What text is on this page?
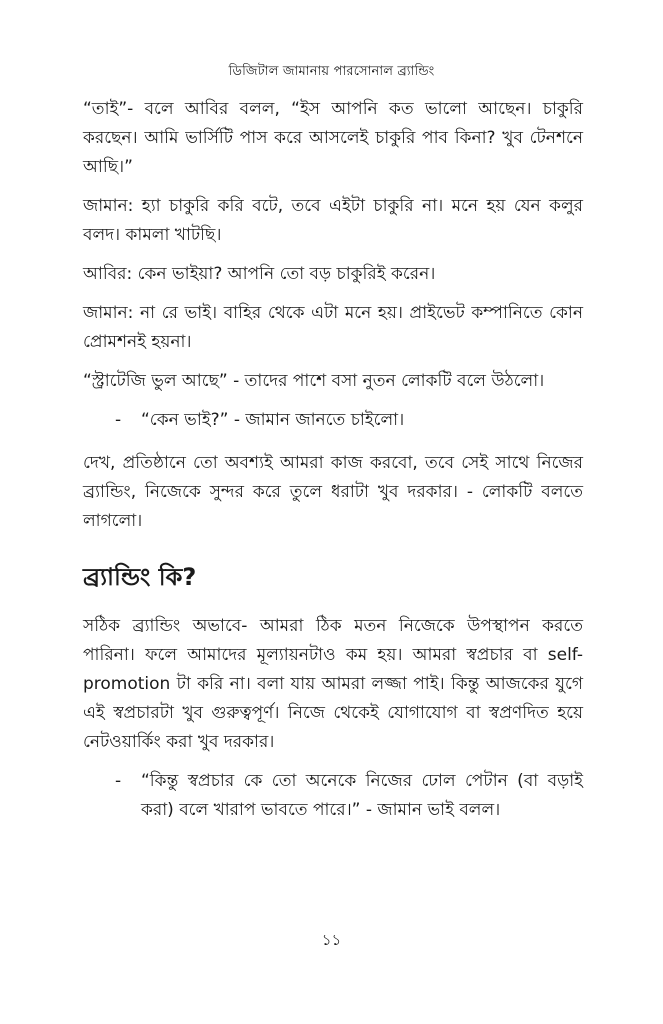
ডিজিটাল জামানায় পারসোনাল ব্র্যান্ডিং

“তাই”- বলে আবির বলল, “ইস আপনি কত ভালো আছেন। চাকুরি করছেন। আমি ভার্সিটি পাস করে আসলেই চাকুরি পাব কিনা? খুব টেনশনে আছি।”

জামান: হ্যা চাকুরি করি বটে, তবে এইটা চাকুরি না। মনে হয় যেন কলুর বলদ। কামলা খাটছি।

আবির: কেন ভাইয়া? আপনি তো বড় চাকুরিই করেন।

জামান: না রে ভাই। বাহির থেকে এটা মনে হয়। প্রাইভেট কম্পানিতে কোন প্রোমশনই হয়না।

“স্ট্রাটেজি ভুল আছে” - তাদের পাশে বসা নুতন লোকটি বলে উঠলো।

-	“কেন ভাই?” - জামান জানতে চাইলো।

দেখ, প্রতিষ্ঠানে তো অবশ্যই আমরা কাজ করবো, তবে সেই সাথে নিজের ব্র্যান্ডিং, নিজেকে সুন্দর করে তুলে ধরাটা খুব দরকার। - লোকটি বলতে লাগলো।

ব্র্যান্ডিং কি?

সঠিক ব্র্যান্ডিং অভাবে- আমরা ঠিক মতন নিজেকে উপস্থাপন করতে পারিনা। ফলে আমাদের মূল্যায়নটাও কম হয়। আমরা স্বপ্রচার বা self-promotion টা করি না। বলা যায় আমরা লজ্জা পাই। কিন্তু আজকের যুগে এই স্বপ্রচারটা খুব গুরুত্বপূর্ণ। নিজে থেকেই যোগাযোগ বা স্বপ্রণদিত হয়ে নেটওয়ার্কিং করা খুব দরকার।

-	“কিন্তু স্বপ্রচার কে তো অনেকে নিজের ঢোল পেটান (বা বড়াই করা) বলে খারাপ ভাবতে পারে।” - জামান ভাই বলল।
১১
